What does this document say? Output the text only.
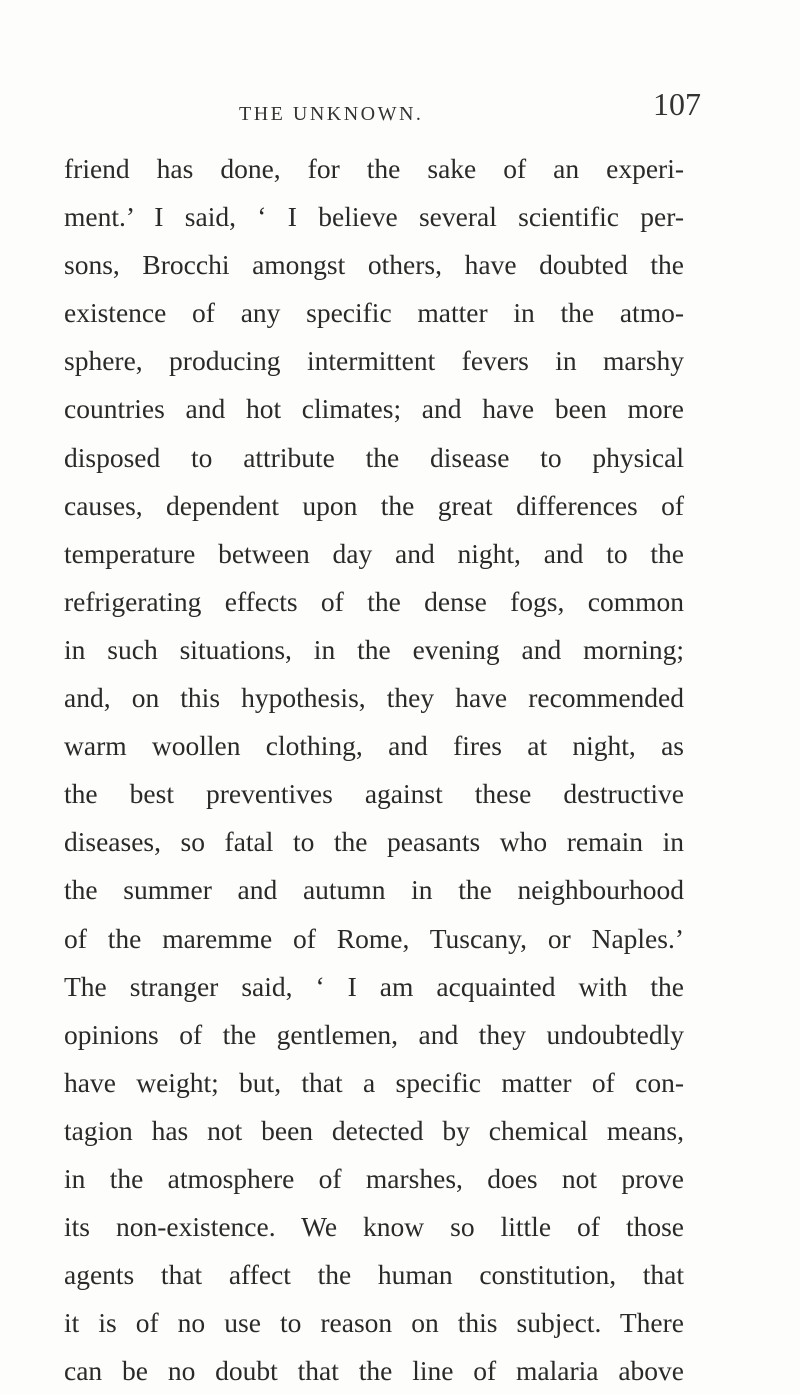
THE UNKNOWN.	107
friend has done, for the sake of an experi-
ment.’ I said, ‘ I believe several scientific per-
sons, Brocchi amongst others, have doubted the
existence of any specific matter in the atmo-
sphere, producing intermittent fevers in marshy
countries and hot climates; and have been more
disposed to attribute the disease to physical
causes, dependent upon the great differences of
temperature between day and night, and to the
refrigerating effects of the dense fogs, common
in such situations, in the evening and morning;
and, on this hypothesis, they have recommended
warm woollen clothing, and fires at night, as
the best preventives against these destructive
diseases, so fatal to the peasants who remain in
the summer and autumn in the neighbourhood
of the maremme of Rome, Tuscany, or Naples.’
The stranger said, ‘ I am acquainted with the
opinions of the gentlemen, and they undoubtedly
have weight; but, that a specific matter of con-
tagion has not been detected by chemical means,
in the atmosphere of marshes, does not prove
its non-existence. We know so little of those
agents that affect the human constitution, that
it is of no use to reason on this subject. There
can be no doubt that the line of malaria above
